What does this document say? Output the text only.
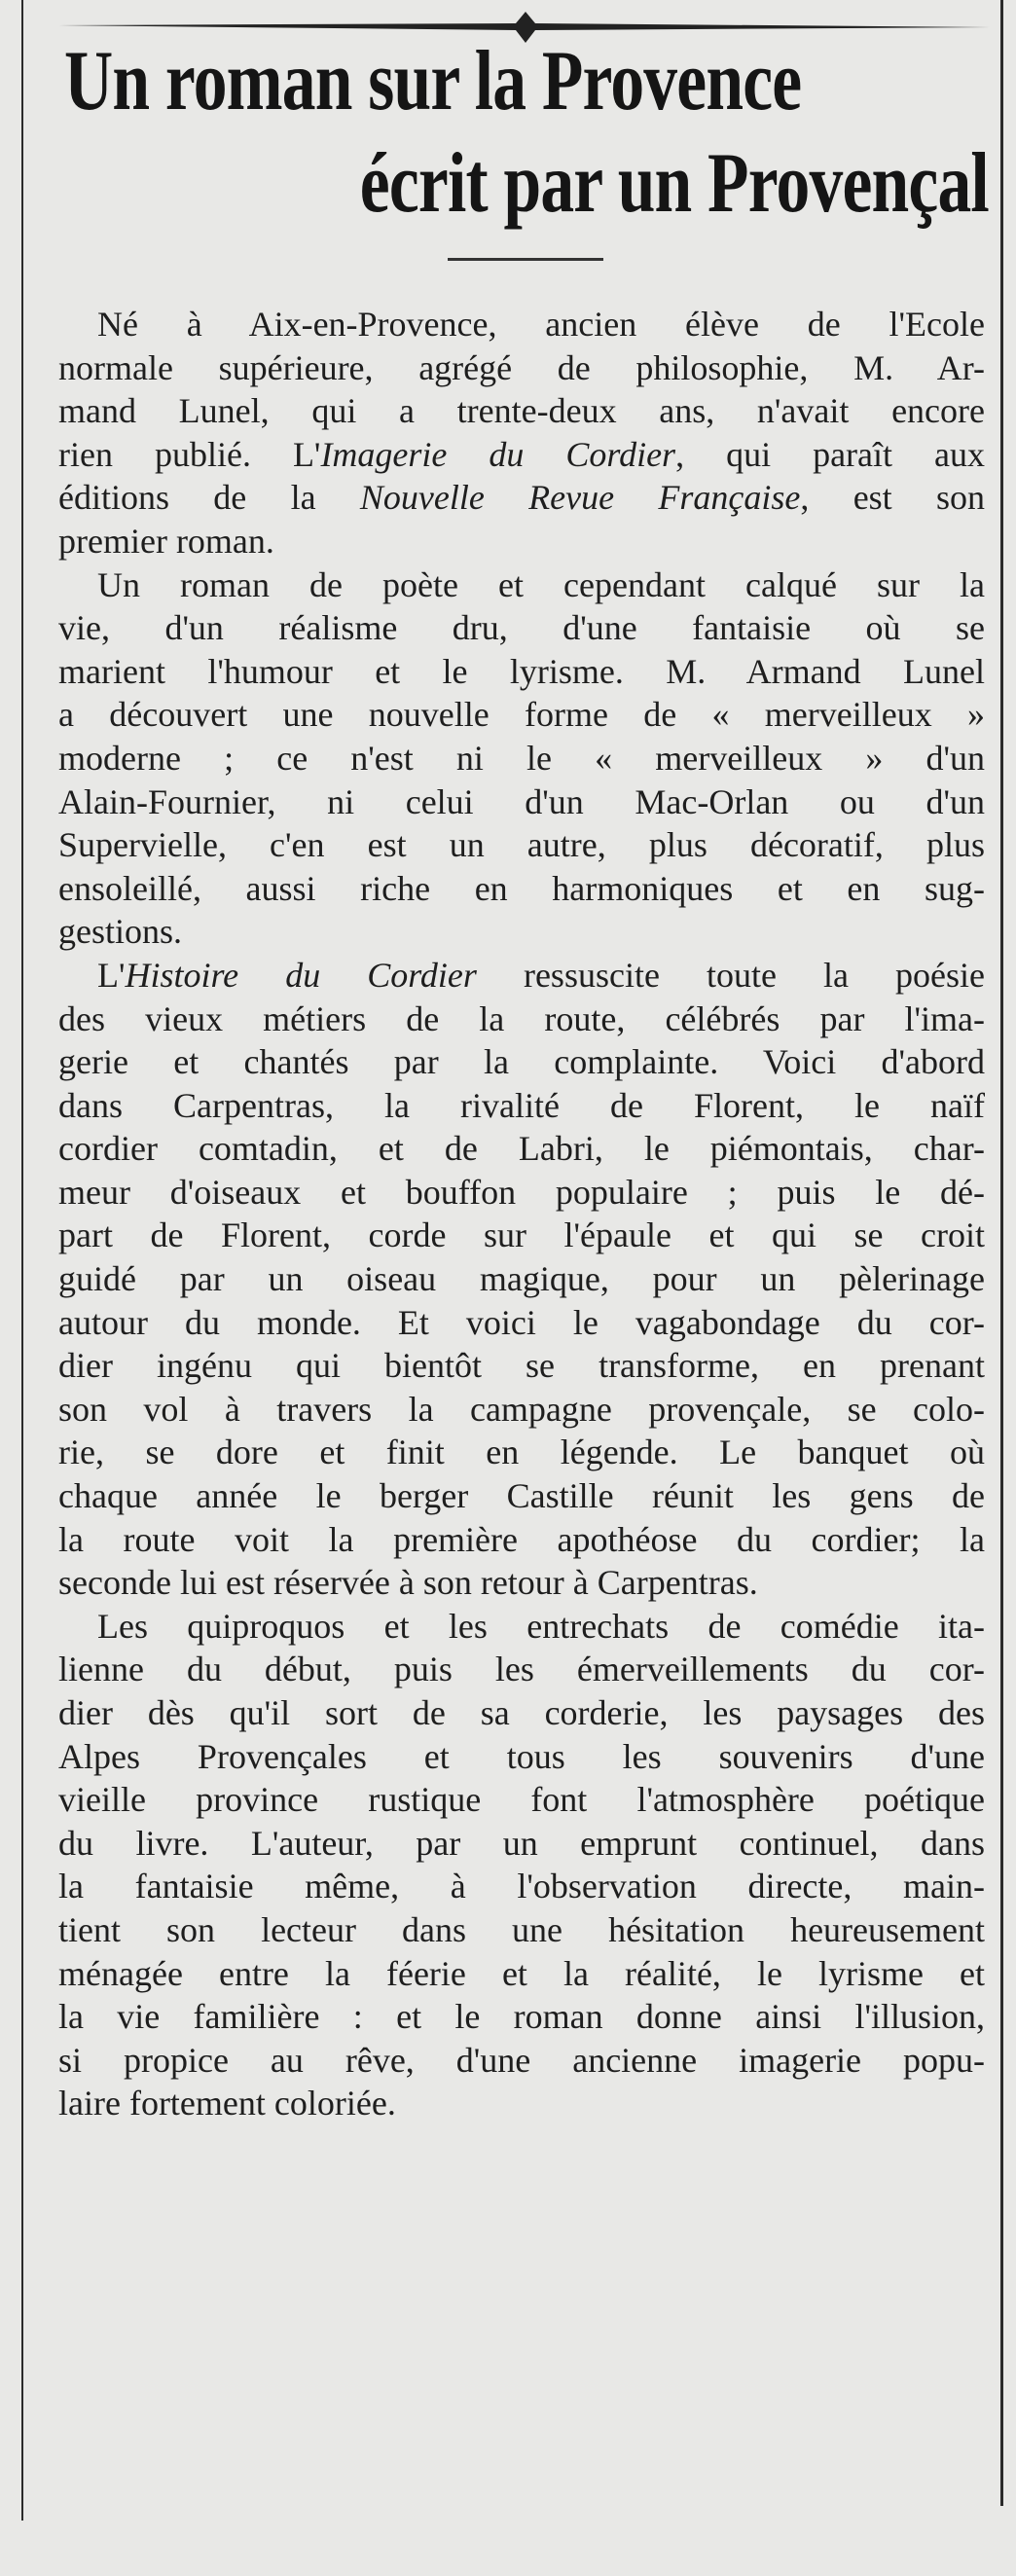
Un roman sur la Provence
écrit par un Provençal
Né à Aix-en-Provence, ancien élève de l'Ecole
normale supérieure, agrégé de philosophie, M. Ar-
mand Lunel, qui a trente-deux ans, n'avait encore
rien publié. L'Imagerie du Cordier, qui paraît aux
éditions de la Nouvelle Revue Française, est son
premier roman.
Un roman de poète et cependant calqué sur la
vie, d'un réalisme dru, d'une fantaisie où se
marient l'humour et le lyrisme. M. Armand Lunel
a découvert une nouvelle forme de « merveilleux »
moderne ; ce n'est ni le « merveilleux » d'un
Alain-Fournier, ni celui d'un Mac-Orlan ou d'un
Supervielle, c'en est un autre, plus décoratif, plus
ensoleillé, aussi riche en harmoniques et en sug-
gestions.
L'Histoire du Cordier ressuscite toute la poésie
des vieux métiers de la route, célébrés par l'ima-
gerie et chantés par la complainte. Voici d'abord
dans Carpentras, la rivalité de Florent, le naïf
cordier comtadin, et de Labri, le piémontais, char-
meur d'oiseaux et bouffon populaire ; puis le dé-
part de Florent, corde sur l'épaule et qui se croit
guidé par un oiseau magique, pour un pèlerinage
autour du monde. Et voici le vagabondage du cor-
dier ingénu qui bientôt se transforme, en prenant
son vol à travers la campagne provençale, se colo-
rie, se dore et finit en légende. Le banquet où
chaque année le berger Castille réunit les gens de
la route voit la première apothéose du cordier; la
seconde lui est réservée à son retour à Carpentras.
Les quiproquos et les entrechats de comédie ita-
lienne du début, puis les émerveillements du cor-
dier dès qu'il sort de sa corderie, les paysages des
Alpes Provençales et tous les souvenirs d'une
vieille province rustique font l'atmosphère poétique
du livre. L'auteur, par un emprunt continuel, dans
la fantaisie même, à l'observation directe, main-
tient son lecteur dans une hésitation heureusement
ménagée entre la féerie et la réalité, le lyrisme et
la vie familière : et le roman donne ainsi l'illusion,
si propice au rêve, d'une ancienne imagerie popu-
laire fortement coloriée.
